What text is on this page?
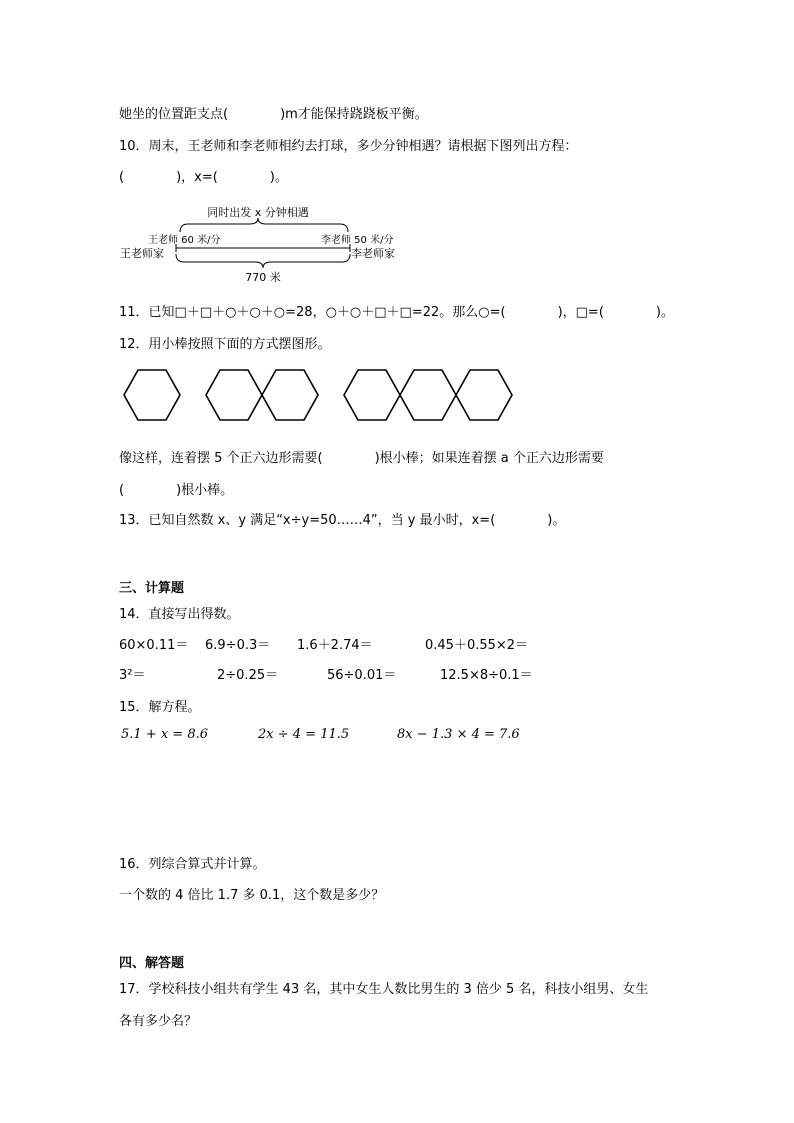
她坐的位置距支点(　　　　)m才能保持跷跷板平衡。
10．周末，王老师和李老师相约去打球，多少分钟相遇？请根据下图列出方程：
(　　　　)，x=(　　　　)。
同时出发 x 分钟相遇
王老师 60 米/分	李老师 50 米/分
王老师家	李老师家
770 米
11．已知□＋□＋○＋○＋○=28，○＋○＋□＋□=22。那么○=(　　　　)，□=(　　　　)。
12．用小棒按照下面的方式摆图形。
像这样，连着摆 5 个正六边形需要(　　　　)根小棒；如果连着摆 a 个正六边形需要
(　　　　)根小棒。
13．已知自然数 x、y 满足“x÷y=50……4”，当 y 最小时，x=(　　　　)。
三、计算题
14．直接写出得数。
60×0.11＝ 6.9÷0.3＝ 1.6＋2.74＝	0.45＋0.55×2＝
3²＝	2÷0.25＝	56÷0.01＝	12.5×8÷0.1＝
15．解方程。
5.1 + x = 8.6	2x ÷ 4 = 11.5	8x − 1.3 × 4 = 7.6
16．列综合算式并计算。
一个数的 4 倍比 1.7 多 0.1，这个数是多少？
四、解答题
17．学校科技小组共有学生 43 名，其中女生人数比男生的 3 倍少 5 名，科技小组男、女生
各有多少名？
